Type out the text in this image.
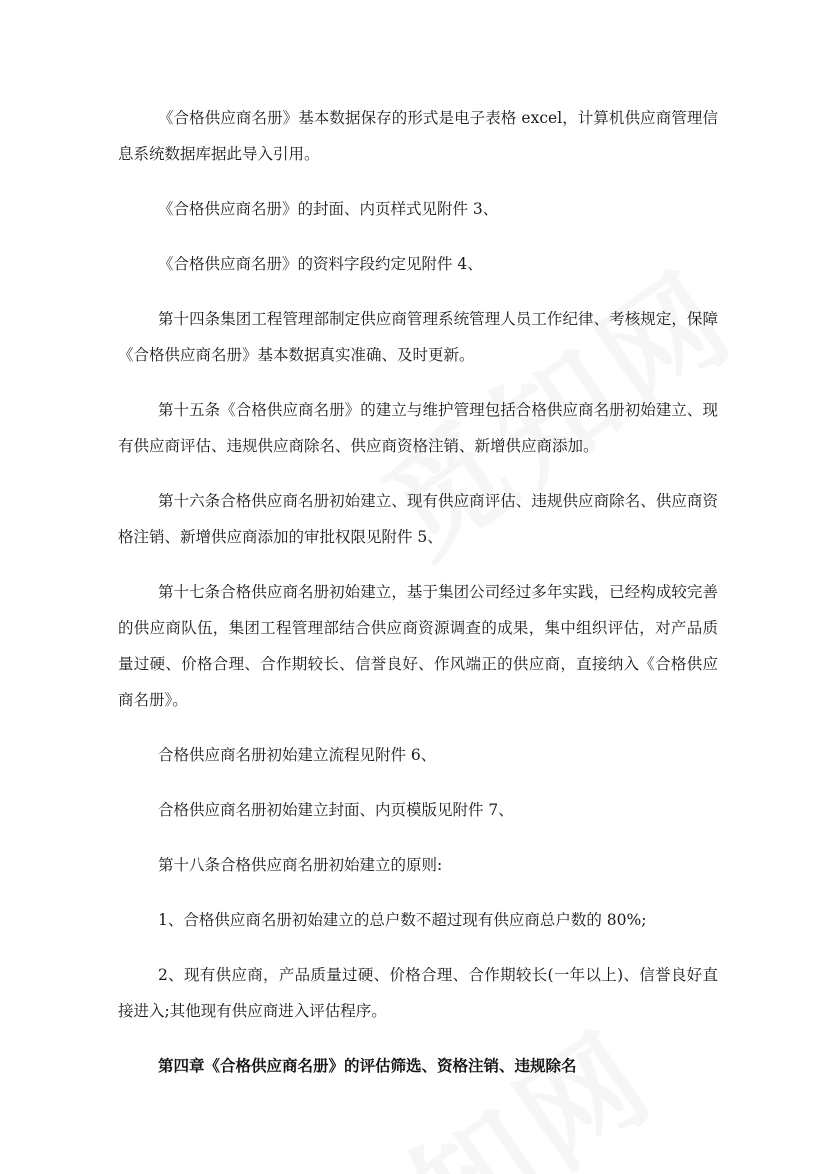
《合格供应商名册》基本数据保存的形式是电子表格 excel，计算机供应商管理信息系统数据库据此导入引用。

《合格供应商名册》的封面、内页样式见附件 3、

《合格供应商名册》的资料字段约定见附件 4、

第十四条集团工程管理部制定供应商管理系统管理人员工作纪律、考核规定，保障《合格供应商名册》基本数据真实准确、及时更新。

第十五条《合格供应商名册》的建立与维护管理包括合格供应商名册初始建立、现有供应商评估、违规供应商除名、供应商资格注销、新增供应商添加。

第十六条合格供应商名册初始建立、现有供应商评估、违规供应商除名、供应商资格注销、新增供应商添加的审批权限见附件 5、

第十七条合格供应商名册初始建立，基于集团公司经过多年实践，已经构成较完善的供应商队伍，集团工程管理部结合供应商资源调查的成果，集中组织评估，对产品质量过硬、价格合理、合作期较长、信誉良好、作风端正的供应商，直接纳入《合格供应商名册》。

合格供应商名册初始建立流程见附件 6、

合格供应商名册初始建立封面、内页模版见附件 7、

第十八条合格供应商名册初始建立的原则:

1、合格供应商名册初始建立的总户数不超过现有供应商总户数的 80%;

2、现有供应商，产品质量过硬、价格合理、合作期较长(一年以上)、信誉良好直接进入;其他现有供应商进入评估程序。

第四章《合格供应商名册》的评估筛选、资格注销、违规除名
